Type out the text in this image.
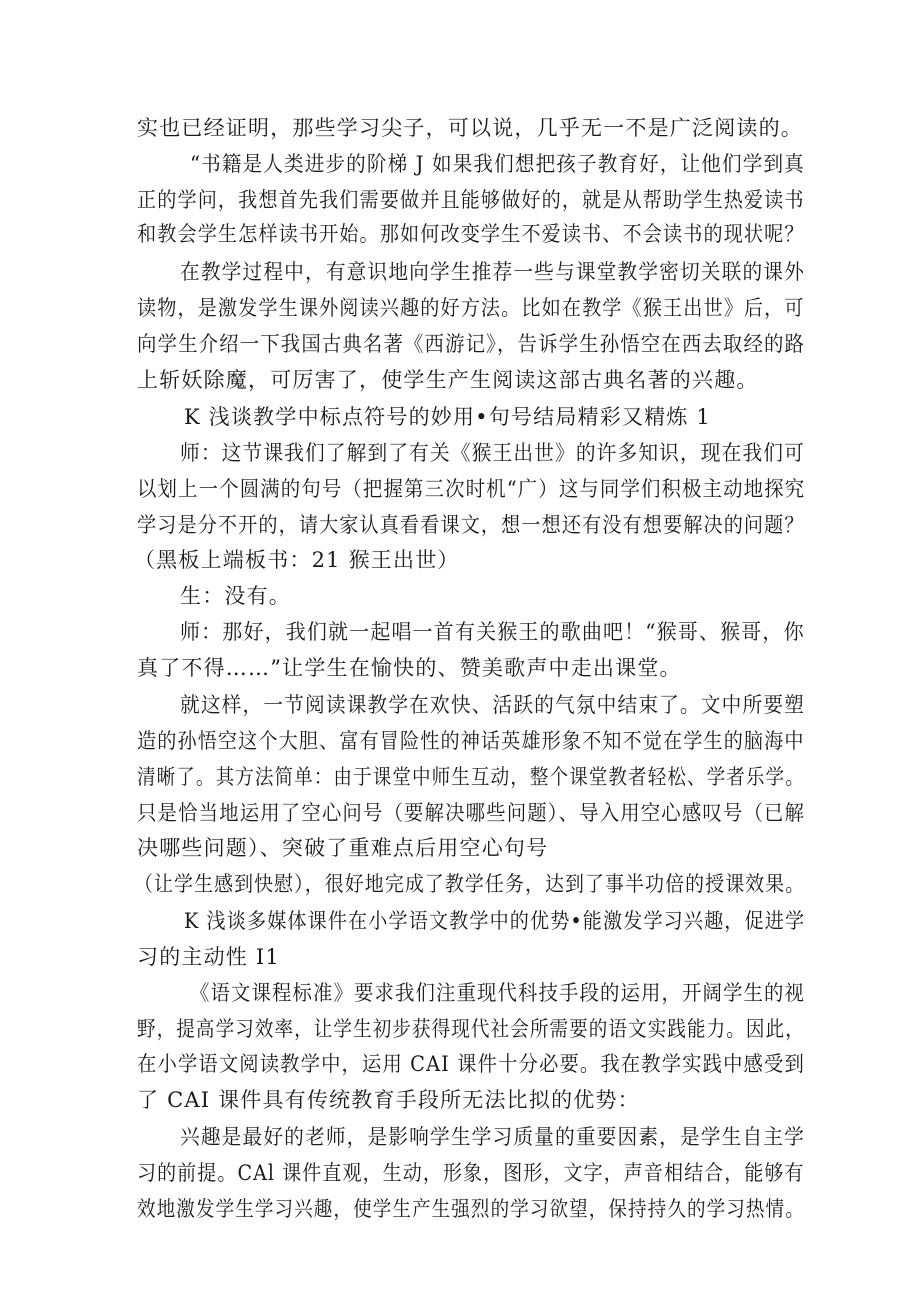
实也已经证明，那些学习尖子，可以说，几乎无一不是广泛阅读的。
“书籍是人类进步的阶梯 J 如果我们想把孩子教育好，让他们学到真
正的学问，我想首先我们需要做并且能够做好的，就是从帮助学生热爱读书
和教会学生怎样读书开始。那如何改变学生不爱读书、不会读书的现状呢？
在教学过程中，有意识地向学生推荐一些与课堂教学密切关联的课外
读物，是激发学生课外阅读兴趣的好方法。比如在教学《猴王出世》后，可
向学生介绍一下我国古典名著《西游记》，告诉学生孙悟空在西去取经的路
上斩妖除魔，可厉害了，使学生产生阅读这部古典名著的兴趣。
K 浅谈教学中标点符号的妙用•句号结局精彩又精炼 1
师：这节课我们了解到了有关《猴王出世》的许多知识，现在我们可
以划上一个圆满的句号（把握第三次时机“广）这与同学们积极主动地探究
学习是分不开的，请大家认真看看课文，想一想还有没有想要解决的问题？
（黑板上端板书：21 猴王出世）
生：没有。
师：那好，我们就一起唱一首有关猴王的歌曲吧！“猴哥、猴哥，你
真了不得……”让学生在愉快的、赞美歌声中走出课堂。
就这样，一节阅读课教学在欢快、活跃的气氛中结束了。文中所要塑
造的孙悟空这个大胆、富有冒险性的神话英雄形象不知不觉在学生的脑海中
清晰了。其方法简单：由于课堂中师生互动，整个课堂教者轻松、学者乐学。
只是恰当地运用了空心问号（要解决哪些问题）、导入用空心感叹号（已解
决哪些问题）、突破了重难点后用空心句号
（让学生感到快慰），很好地完成了教学任务，达到了事半功倍的授课效果。
K 浅谈多媒体课件在小学语文教学中的优势•能激发学习兴趣，促进学
习的主动性 I1
《语文课程标准》要求我们注重现代科技手段的运用，开阔学生的视
野，提高学习效率，让学生初步获得现代社会所需要的语文实践能力。因此，
在小学语文阅读教学中，运用 CAI 课件十分必要。我在教学实践中感受到
了 CAI 课件具有传统教育手段所无法比拟的优势：
兴趣是最好的老师，是影响学生学习质量的重要因素，是学生自主学
习的前提。CAl 课件直观，生动，形象，图形，文字，声音相结合，能够有
效地激发学生学习兴趣，使学生产生强烈的学习欲望，保持持久的学习热情。
